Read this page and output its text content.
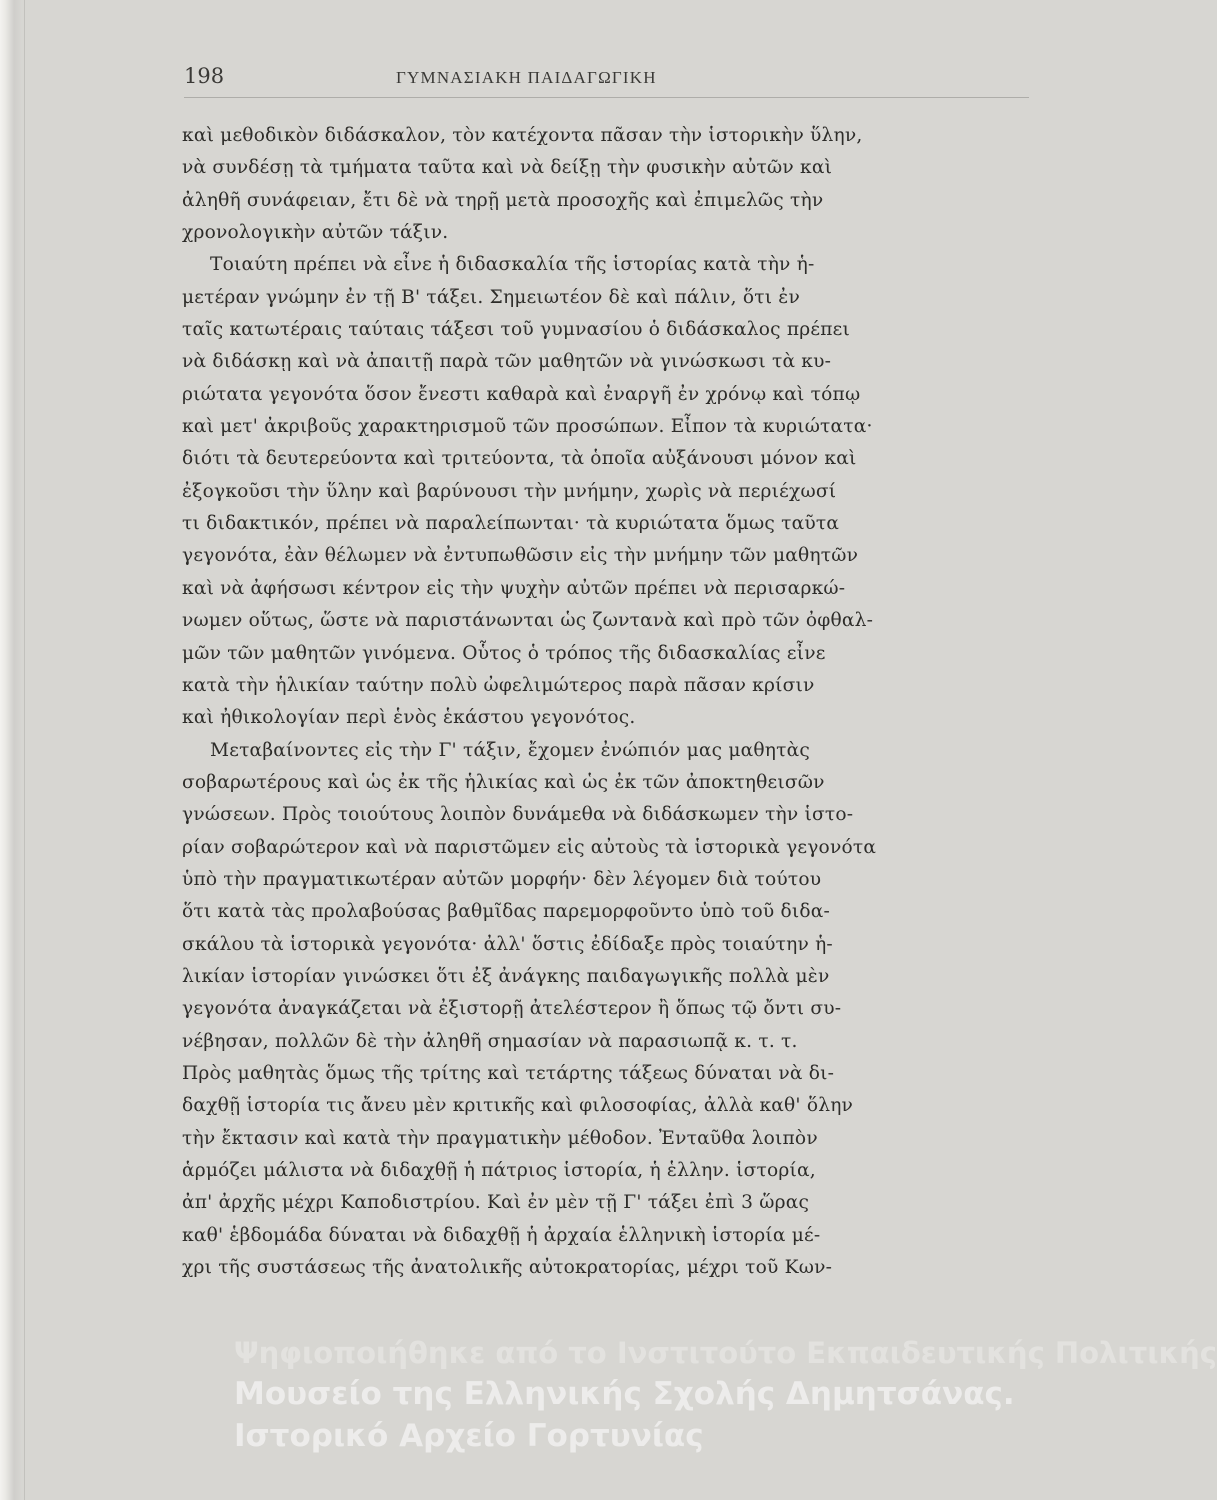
198	ΓΥΜΝΑΣΙΑΚΗ ΠΑΙΔΑΓΩΓΙΚΗ
καὶ μεθοδικὸν διδάσκαλον, τὸν κατέχοντα πᾶσαν τὴν ἱστορικὴν ὕλην,
νὰ συνδέσῃ τὰ τμήματα ταῦτα καὶ νὰ δείξῃ τὴν φυσικὴν αὐτῶν καὶ
ἀληθῆ συνάφειαν, ἔτι δὲ νὰ τηρῇ μετὰ προσοχῆς καὶ ἐπιμελῶς τὴν
χρονολογικὴν αὐτῶν τάξιν.
Τοιαύτη πρέπει νὰ εἶνε ἡ διδασκαλία τῆς ἱστορίας κατὰ τὴν ἡ-
μετέραν γνώμην ἐν τῇ Β' τάξει. Σημειωτέον δὲ καὶ πάλιν, ὅτι ἐν
ταῖς κατωτέραις ταύταις τάξεσι τοῦ γυμνασίου ὁ διδάσκαλος πρέπει
νὰ διδάσκῃ καὶ νὰ ἀπαιτῇ παρὰ τῶν μαθητῶν νὰ γινώσκωσι τὰ κυ-
ριώτατα γεγονότα ὅσον ἔνεστι καθαρὰ καὶ ἐναργῆ ἐν χρόνῳ καὶ τόπῳ
καὶ μετ' ἀκριβοῦς χαρακτηρισμοῦ τῶν προσώπων. Εἶπον τὰ κυριώτατα·
διότι τὰ δευτερεύοντα καὶ τριτεύοντα, τὰ ὁποῖα αὐξάνουσι μόνον καὶ
ἐξογκοῦσι τὴν ὕλην καὶ βαρύνουσι τὴν μνήμην, χωρὶς νὰ περιέχωσί
τι διδακτικόν, πρέπει νὰ παραλείπωνται· τὰ κυριώτατα ὅμως ταῦτα
γεγονότα, ἐὰν θέλωμεν νὰ ἐντυπωθῶσιν εἰς τὴν μνήμην τῶν μαθητῶν
καὶ νὰ ἀφήσωσι κέντρον εἰς τὴν ψυχὴν αὐτῶν πρέπει νὰ περισαρκώ-
νωμεν οὕτως, ὥστε νὰ παριστάνωνται ὡς ζωντανὰ καὶ πρὸ τῶν ὀφθαλ-
μῶν τῶν μαθητῶν γινόμενα. Οὗτος ὁ τρόπος τῆς διδασκαλίας εἶνε
κατὰ τὴν ἡλικίαν ταύτην πολὺ ὠφελιμώτερος παρὰ πᾶσαν κρίσιν
καὶ ἠθικολογίαν περὶ ἑνὸς ἑκάστου γεγονότος.
Μεταβαίνοντες εἰς τὴν Γ' τάξιν, ἔχομεν ἐνώπιόν μας μαθητὰς
σοβαρωτέρους καὶ ὡς ἐκ τῆς ἡλικίας καὶ ὡς ἐκ τῶν ἀποκτηθεισῶν
γνώσεων. Πρὸς τοιούτους λοιπὸν δυνάμεθα νὰ διδάσκωμεν τὴν ἱστο-
ρίαν σοβαρώτερον καὶ νὰ παριστῶμεν εἰς αὐτοὺς τὰ ἱστορικὰ γεγονότα
ὑπὸ τὴν πραγματικωτέραν αὐτῶν μορφήν· δὲν λέγομεν διὰ τούτου
ὅτι κατὰ τὰς προλαβούσας βαθμῖδας παρεμορφοῦντο ὑπὸ τοῦ διδα-
σκάλου τὰ ἱστορικὰ γεγονότα· ἀλλ' ὅστις ἐδίδαξε πρὸς τοιαύτην ἡ-
λικίαν ἱστορίαν γινώσκει ὅτι ἐξ ἀνάγκης παιδαγωγικῆς πολλὰ μὲν
γεγονότα ἀναγκάζεται νὰ ἐξιστορῇ ἀτελέστερον ἢ ὅπως τῷ ὄντι συ-
νέβησαν, πολλῶν δὲ τὴν ἀληθῆ σημασίαν νὰ παρασιωπᾷ κ. τ. τ.
Πρὸς μαθητὰς ὅμως τῆς τρίτης καὶ τετάρτης τάξεως δύναται νὰ δι-
δαχθῇ ἱστορία τις ἄνευ μὲν κριτικῆς καὶ φιλοσοφίας, ἀλλὰ καθ' ὅλην
τὴν ἔκτασιν καὶ κατὰ τὴν πραγματικὴν μέθοδον. Ἐνταῦθα λοιπὸν
ἁρμόζει μάλιστα νὰ διδαχθῇ ἡ πάτριος ἱστορία, ἡ ἑλλην. ἱστορία,
ἀπ' ἀρχῆς μέχρι Καποδιστρίου. Καὶ ἐν μὲν τῇ Γ' τάξει ἐπὶ 3 ὥρας
καθ' ἑβδομάδα δύναται νὰ διδαχθῇ ἡ ἀρχαία ἑλληνικὴ ἱστορία μέ-
χρι τῆς συστάσεως τῆς ἀνατολικῆς αὐτοκρατορίας, μέχρι τοῦ Κων-
Ψηφιοποιήθηκε από το Ινστιτούτο Εκπαιδευτικής Πολιτικής
Μουσείο της Ελληνικής Σχολής Δημητσάνας.
Ιστορικό Αρχείο Γορτυνίας
